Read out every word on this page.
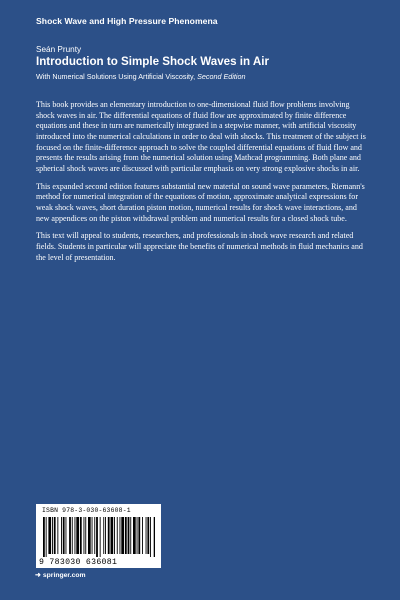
Shock Wave and High Pressure Phenomena
Seán Prunty
Introduction to Simple Shock Waves in Air
With Numerical Solutions Using Artificial Viscosity, Second Edition

This book provides an elementary introduction to one-dimensional fluid flow problems involving shock waves in air. The differential equations of fluid flow are approximated by finite difference equations and these in turn are numerically integrated in a stepwise manner, with artificial viscosity introduced into the numerical calculations in order to deal with shocks. This treatment of the subject is focused on the finite-difference approach to solve the coupled differential equations of fluid flow and presents the results arising from the numerical solution using Mathcad programming. Both plane and spherical shock waves are discussed with particular emphasis on very strong explosive shocks in air.

This expanded second edition features substantial new material on sound wave parameters, Riemann's method for numerical integration of the equations of motion, approximate analytical expressions for weak shock waves, short duration piston motion, numerical results for shock wave interactions, and new appendices on the piston withdrawal problem and numerical results for a closed shock tube.

This text will appeal to students, researchers, and professionals in shock wave research and related fields. Students in particular will appreciate the benefits of numerical methods in fluid mechanics and the level of presentation.

ISBN 978-3-030-63608-1
9 783030 636081
➜ springer.com
